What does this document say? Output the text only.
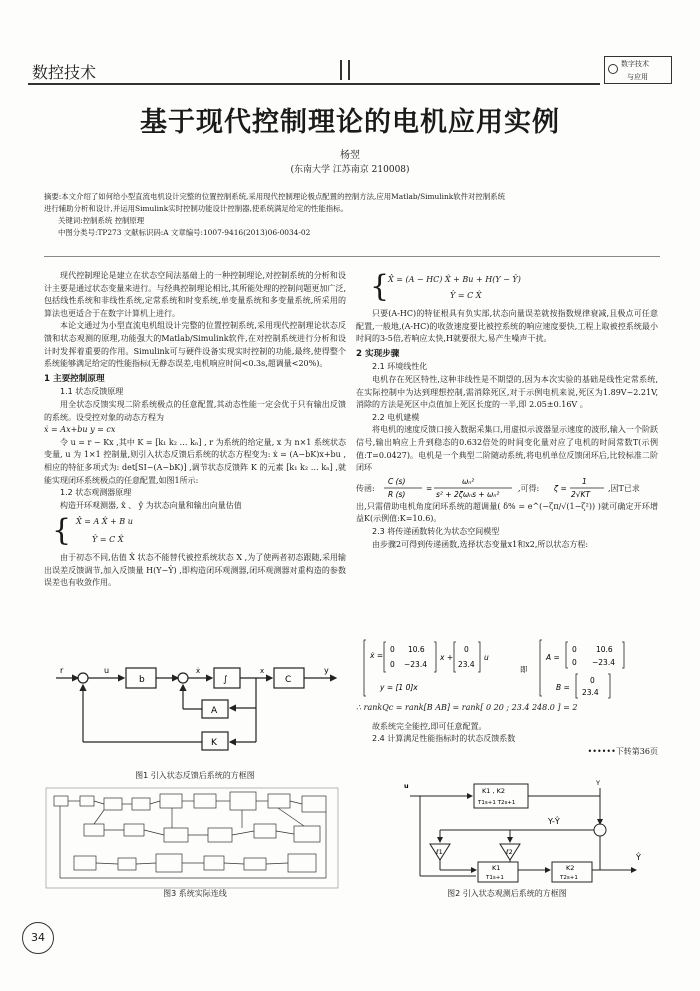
数控技术	数字技术
与应用
基于现代控制理论的电机应用实例
杨翌
(东南大学 江苏南京 210008)
摘要:本文介绍了如何给小型直流电机设计完整的位置控制系统,采用现代控制理论极点配置的控制方法,应用Matlab/Simulink软件对控制系统
进行辅助分析和设计,并运用Simulink实时控制功能设计控制器,使系统满足给定的性能指标。
关键词:控制系统 控制原理
中图分类号:TP273 文献标识码:A 文章编号:1007-9416(2013)06-0034-02

现代控制理论是建立在状态空间法基础上的一种控制理论,对控制系统的分析和设计主要是通过状态变量来进行。与经典控制理论相比,其所能处理的控制问题更加广泛,包括线性系统和非线性系统,定常系统和时变系统,单变量系统和多变量系统,所采用的算法也更适合于在数字计算机上进行。

本论文通过为小型直流电机组设计完整的位置控制系统,采用现代控制理论状态反馈和状态观测的原理,功能强大的Matlab/Simulink软件,在对控制系统进行分析和设计时发挥着重要的作用。Simulink可与硬件设备实现实时控制的功能,最终,使得整个系统能够满足给定的性能指标(无静态误差,电机响应时间<0.3s,超调量<20%)。

1 主要控制原理

1.1 状态反馈原理

用全状态反馈实现二阶系统极点的任意配置,其动态性能一定会优于只有输出反馈的系统。设受控对象的动态方程为

ẋ = Ax+bu y = cx

令 u = r − Kx ,其中 K = [k₁ k₂ … kₙ] , r 为系统的给定量, x 为 n×1 系统状态变量, u 为 1×1 控制量,则引入状态反馈后系统的状态方程变为: ẋ = (A−bK)x+bu ,相应的特征多项式为: det[SI−(A−bK)] ,调节状态反馈阵 K 的元素 [k₁ k₂ … kₙ] ,就能实现闭环系统极点的任意配置,如图1所示:

1.2 状态观测器原理

构造开环观测器, x̂ 、 ŷ 为状态向量和输出向量估值

{ X̂̇ = A X̂ + B u
Ŷ = C X̂

由于初态不同,估值 X̂ 状态不能替代被控系统状态 X ,为了使两者初态跟随,采用输出误差反馈调节,加入反馈量 H(Y−Ŷ) ,即构造闭环观测器,闭环观测器对重构造的参数误差也有收敛作用。

r	u
b
ẋ
∫
x
C
y
A
K
图1 引入状态反馈后系统的方框图
图3 系统实际连线
{
X̂̇ = (A − HC) X̂ + Bu + H(Y − Ŷ)
Ŷ = C X̂

只要(A-HC)的特征根具有负实部,状态向量误差就按指数规律衰减,且极点可任意配置,一般地,(A-HC)的收敛速度要比被控系统的响应速度要快,工程上取被控系统最小时间的3-5倍,若响应太快,H就要很大,易产生噪声干扰。

2 实现步骤

2.1 环境线性化

电机存在死区特性,这种非线性是不期望的,因为本次实验的基础是线性定常系统,在实际控制中为达到理想控制,需消除死区,对于示例电机来说,死区为1.89V~2.21V,消除的方法是死区中点值加上死区长度的一半,即 2.05±0.16V 。

2.2 电机建模

将电机的速度反馈口接入数据采集口,用虚拟示波器显示速度的波形,输入一个阶跃信号,输出响应上升到稳态的0.632倍处的时间变化量对应了电机的时间常数T(示例值:T=0.0427)。电机是一个典型二阶随动系统,将电机单位反馈闭环后,比较标准二阶闭环

传函:
C (s)
R (s)
=
ωₙ²
s² + 2ζωₙs + ωₙ²
ζ =
1
2√KT
,可得:	,因T已求

出,只需借助电机角度闭环系统的超调量( δ% = e^(−ζπ/√(1−ζ²)) )就可确定开环增益K(示例值:K=10.6)。

2.3 将传递函数转化为状态空间模型

由步骤2可得到传递函数,选择状态变量x1和x2,所以状态方程:

ẋ =
0 10.6
0 −23.4
x +
0
23.4
u
y = [1 0]x
即
A =
0	10.6
0 −23.4
B =
0
23.4

∴ rankQc = rank[B AB] = rank[ 0 20 ; 23.4 248.0 ] = 2

故系统完全能控,即可任意配置。

2.4 计算满足性能指标时的状态反馈系数

••••••下转第36页

u	Y
K1 , K2
T1s+1 T2s+1
Y-Ŷ
ℓ1	ℓ2
K1
T1s+1
K2
T2s+1
Ŷ
图2 引入状态观测后系统的方框图
34
